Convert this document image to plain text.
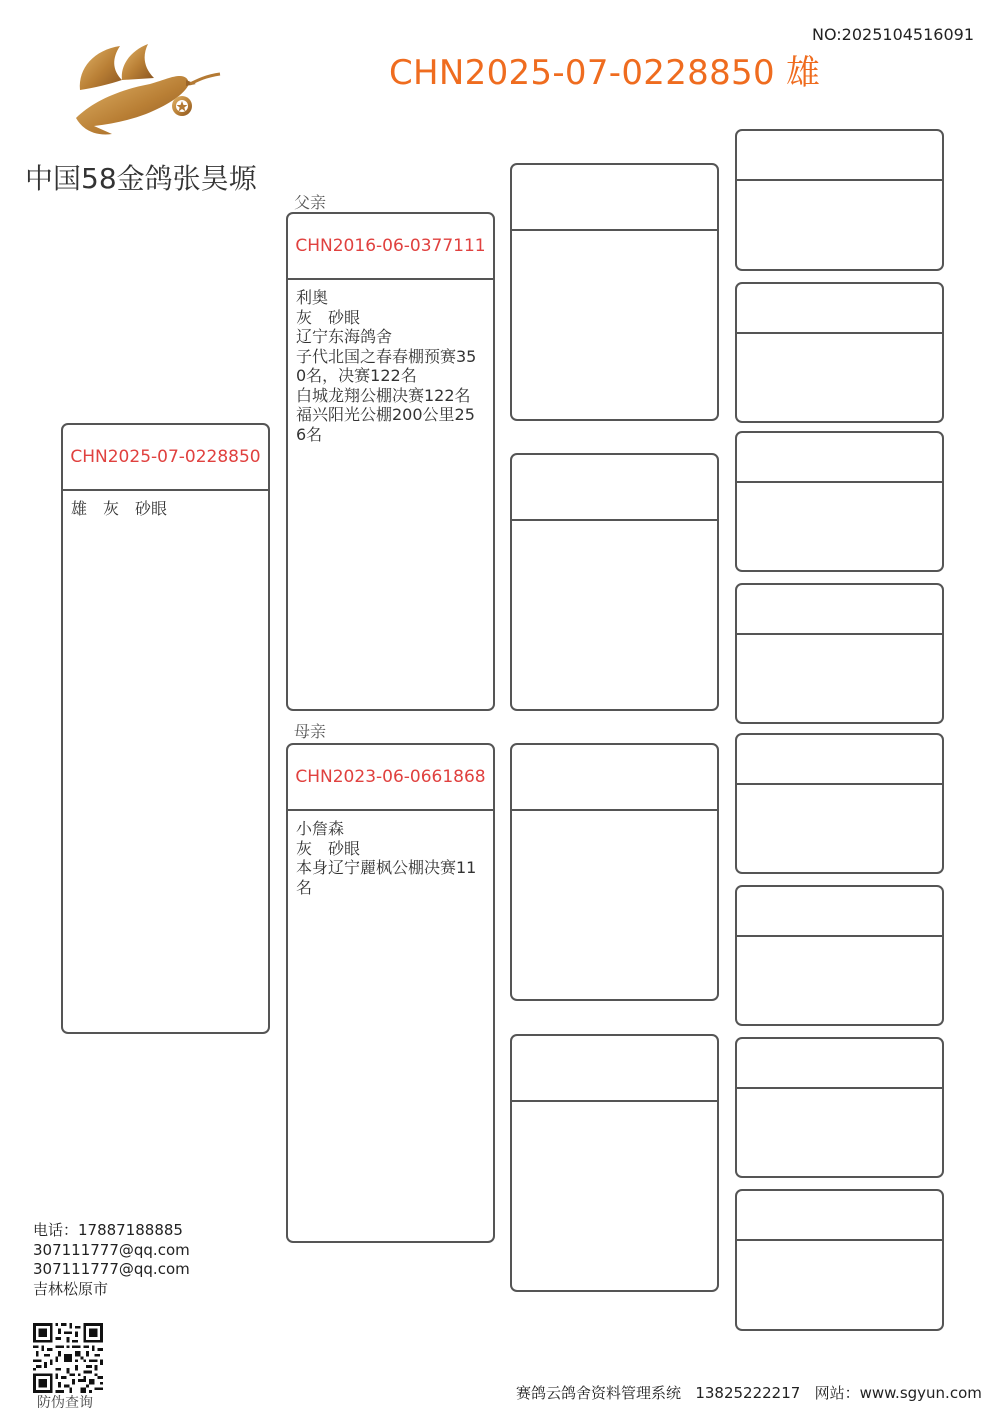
NO:2025104516091
CHN2025-07-0228850 雄
中国58金鸽张昊塬
CHN2025-07-0228850
雄　灰　砂眼
父亲
CHN2016-06-0377111
利奥
灰　砂眼
辽宁东海鸽舍
子代北国之春春棚预赛350名，决赛122名
白城龙翔公棚决赛122名
福兴阳光公棚200公里256名
母亲
CHN2023-06-0661868
小詹森
灰　砂眼
本身辽宁麗枫公棚决赛11名
电话：17887188885
307111777@qq.com
307111777@qq.com
吉林松原市
防伪查询
赛鸽云鸽舍资料管理系统 13825222217 网站：www.sgyun.com
